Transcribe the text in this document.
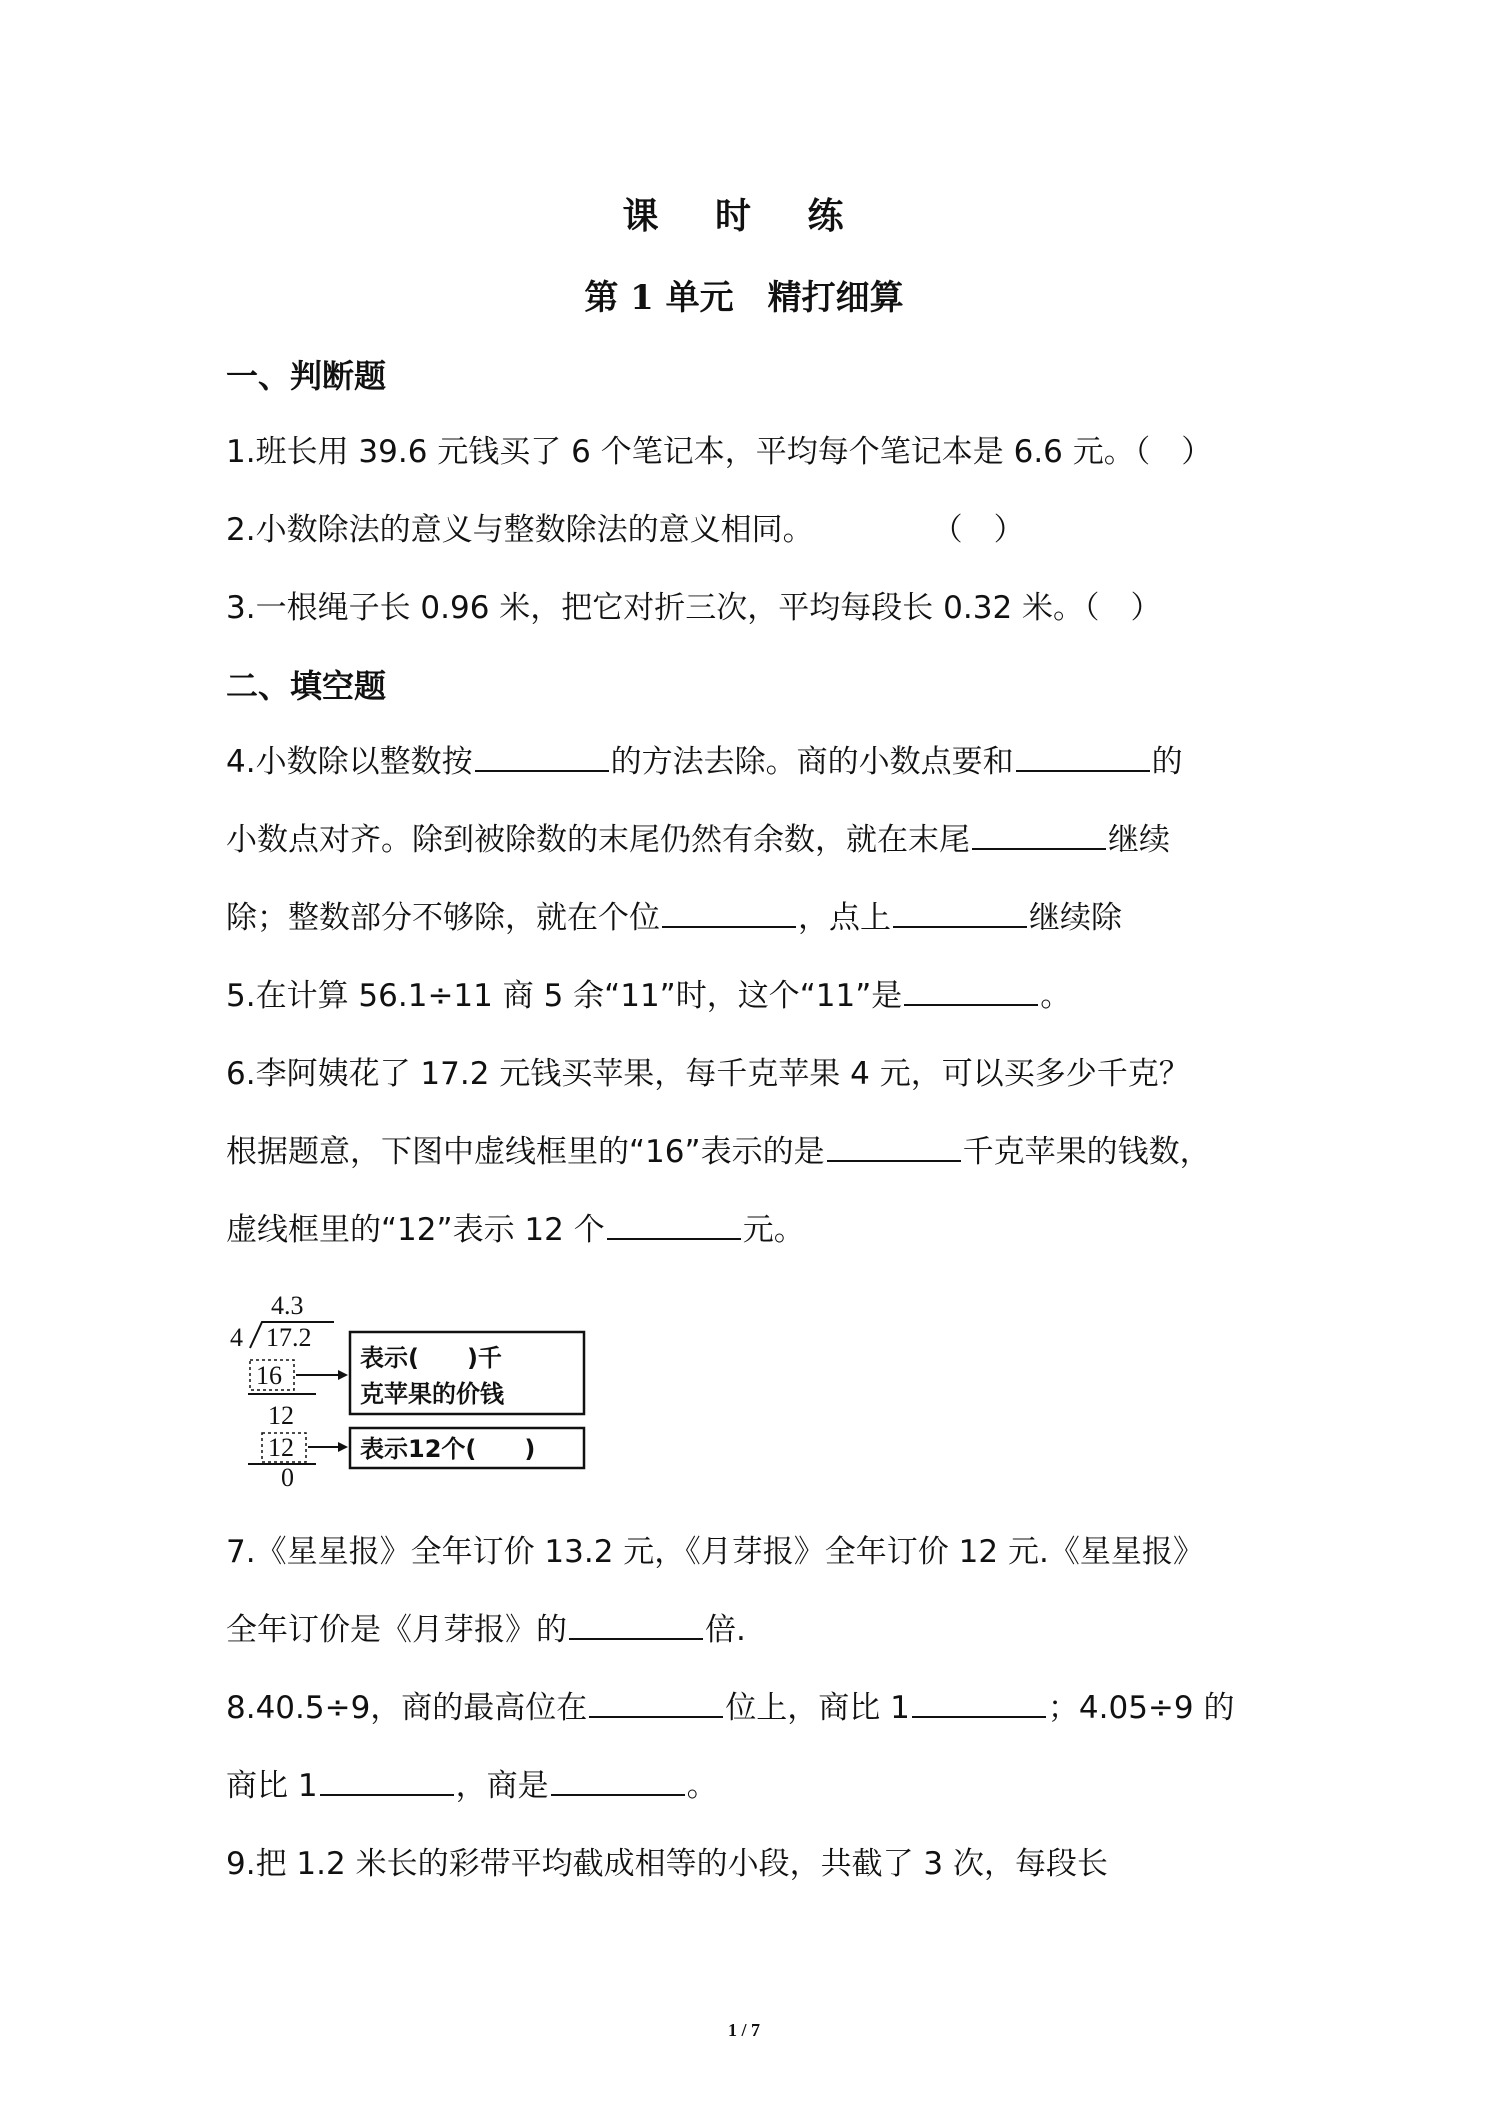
课 时 练
第 1 单元 精打细算
一、判断题
1.班长用 39.6 元钱买了 6 个笔记本，平均每个笔记本是 6.6 元。（　）
2.小数除法的意义与整数除法的意义相同。	（　）
3.一根绳子长 0.96 米，把它对折三次，平均每段长 0.32 米。（　）
二、填空题
4.小数除以整数按	的方法去除。商的小数点要和	的
小数点对齐。除到被除数的末尾仍然有余数，就在末尾	继续
除；整数部分不够除，就在个位	，点上	继续除
5.在计算 56.1÷11 商 5 余“11”时，这个“11”是	。
6.李阿姨花了 17.2 元钱买苹果，每千克苹果 4 元，可以买多少千克？
根据题意，下图中虚线框里的“16”表示的是	千克苹果的钱数，
虚线框里的“12”表示 12 个	元。
4.3
4 17.2
16
12
12
0
表示(　　)千
克苹果的价钱
表示12个(　　)
7.《星星报》全年订价 13.2 元，《月芽报》全年订价 12 元.《星星报》
全年订价是《月芽报》的	倍.
8.40.5÷9，商的最高位在	位上，商比 1	；4.05÷9 的
商比 1	，商是	。
9.把 1.2 米长的彩带平均截成相等的小段，共截了 3 次，每段长
1 / 7
